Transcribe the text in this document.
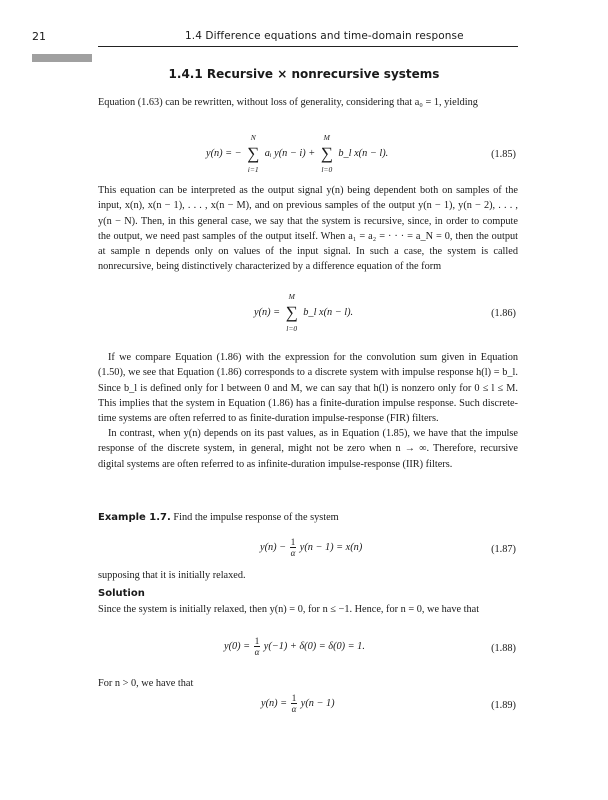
21	1.4 Difference equations and time-domain response
1.4.1 Recursive × nonrecursive systems

Equation (1.63) can be rewritten, without loss of generality, considering that a₀ = 1, yielding

y(n) = −
N
∑
i=1
aᵢ y(n − i) +
M
∑
l=0
b_l x(n − l).	(1.85)

This equation can be interpreted as the output signal y(n) being dependent both on samples of the input, x(n), x(n − 1), . . . , x(n − M), and on previous samples of the output y(n − 1), y(n − 2), . . . , y(n − N). Then, in this general case, we say that the system is recursive, since, in order to compute the output, we need past samples of the output itself. When a₁ = a₂ = · · · = a_N = 0, then the output at sample n depends only on values of the input signal. In such a case, the system is called nonrecursive, being distinctively characterized by a difference equation of the form

y(n) =
M
∑
l=0
b_l x(n − l).	(1.86)

If we compare Equation (1.86) with the expression for the convolution sum given in Equation (1.50), we see that Equation (1.86) corresponds to a discrete system with impulse response h(l) = b_l. Since b_l is defined only for l between 0 and M, we can say that h(l) is nonzero only for 0 ≤ l ≤ M. This implies that the system in Equation (1.86) has a finite-duration impulse response. Such discrete-time systems are often referred to as finite-duration impulse-response (FIR) filters.

In contrast, when y(n) depends on its past values, as in Equation (1.85), we have that the impulse response of the discrete system, in general, might not be zero when n → ∞. Therefore, recursive digital systems are often referred to as infinite-duration impulse-response (IIR) filters.

Example 1.7. Find the impulse response of the system

$y(n) - \frac{1}{\alpha} y(n - 1) = x(n)$	(1.87)

supposing that it is initially relaxed.

Solution

Since the system is initially relaxed, then y(n) = 0, for n ≤ −1. Hence, for n = 0, we have that

$y(0) = \frac{1}{\alpha} y(-1) + \delta(0) = \delta(0) = 1$.	(1.88)

For n > 0, we have that

$y(n) = \frac{1}{\alpha} y(n - 1)$	(1.89)
